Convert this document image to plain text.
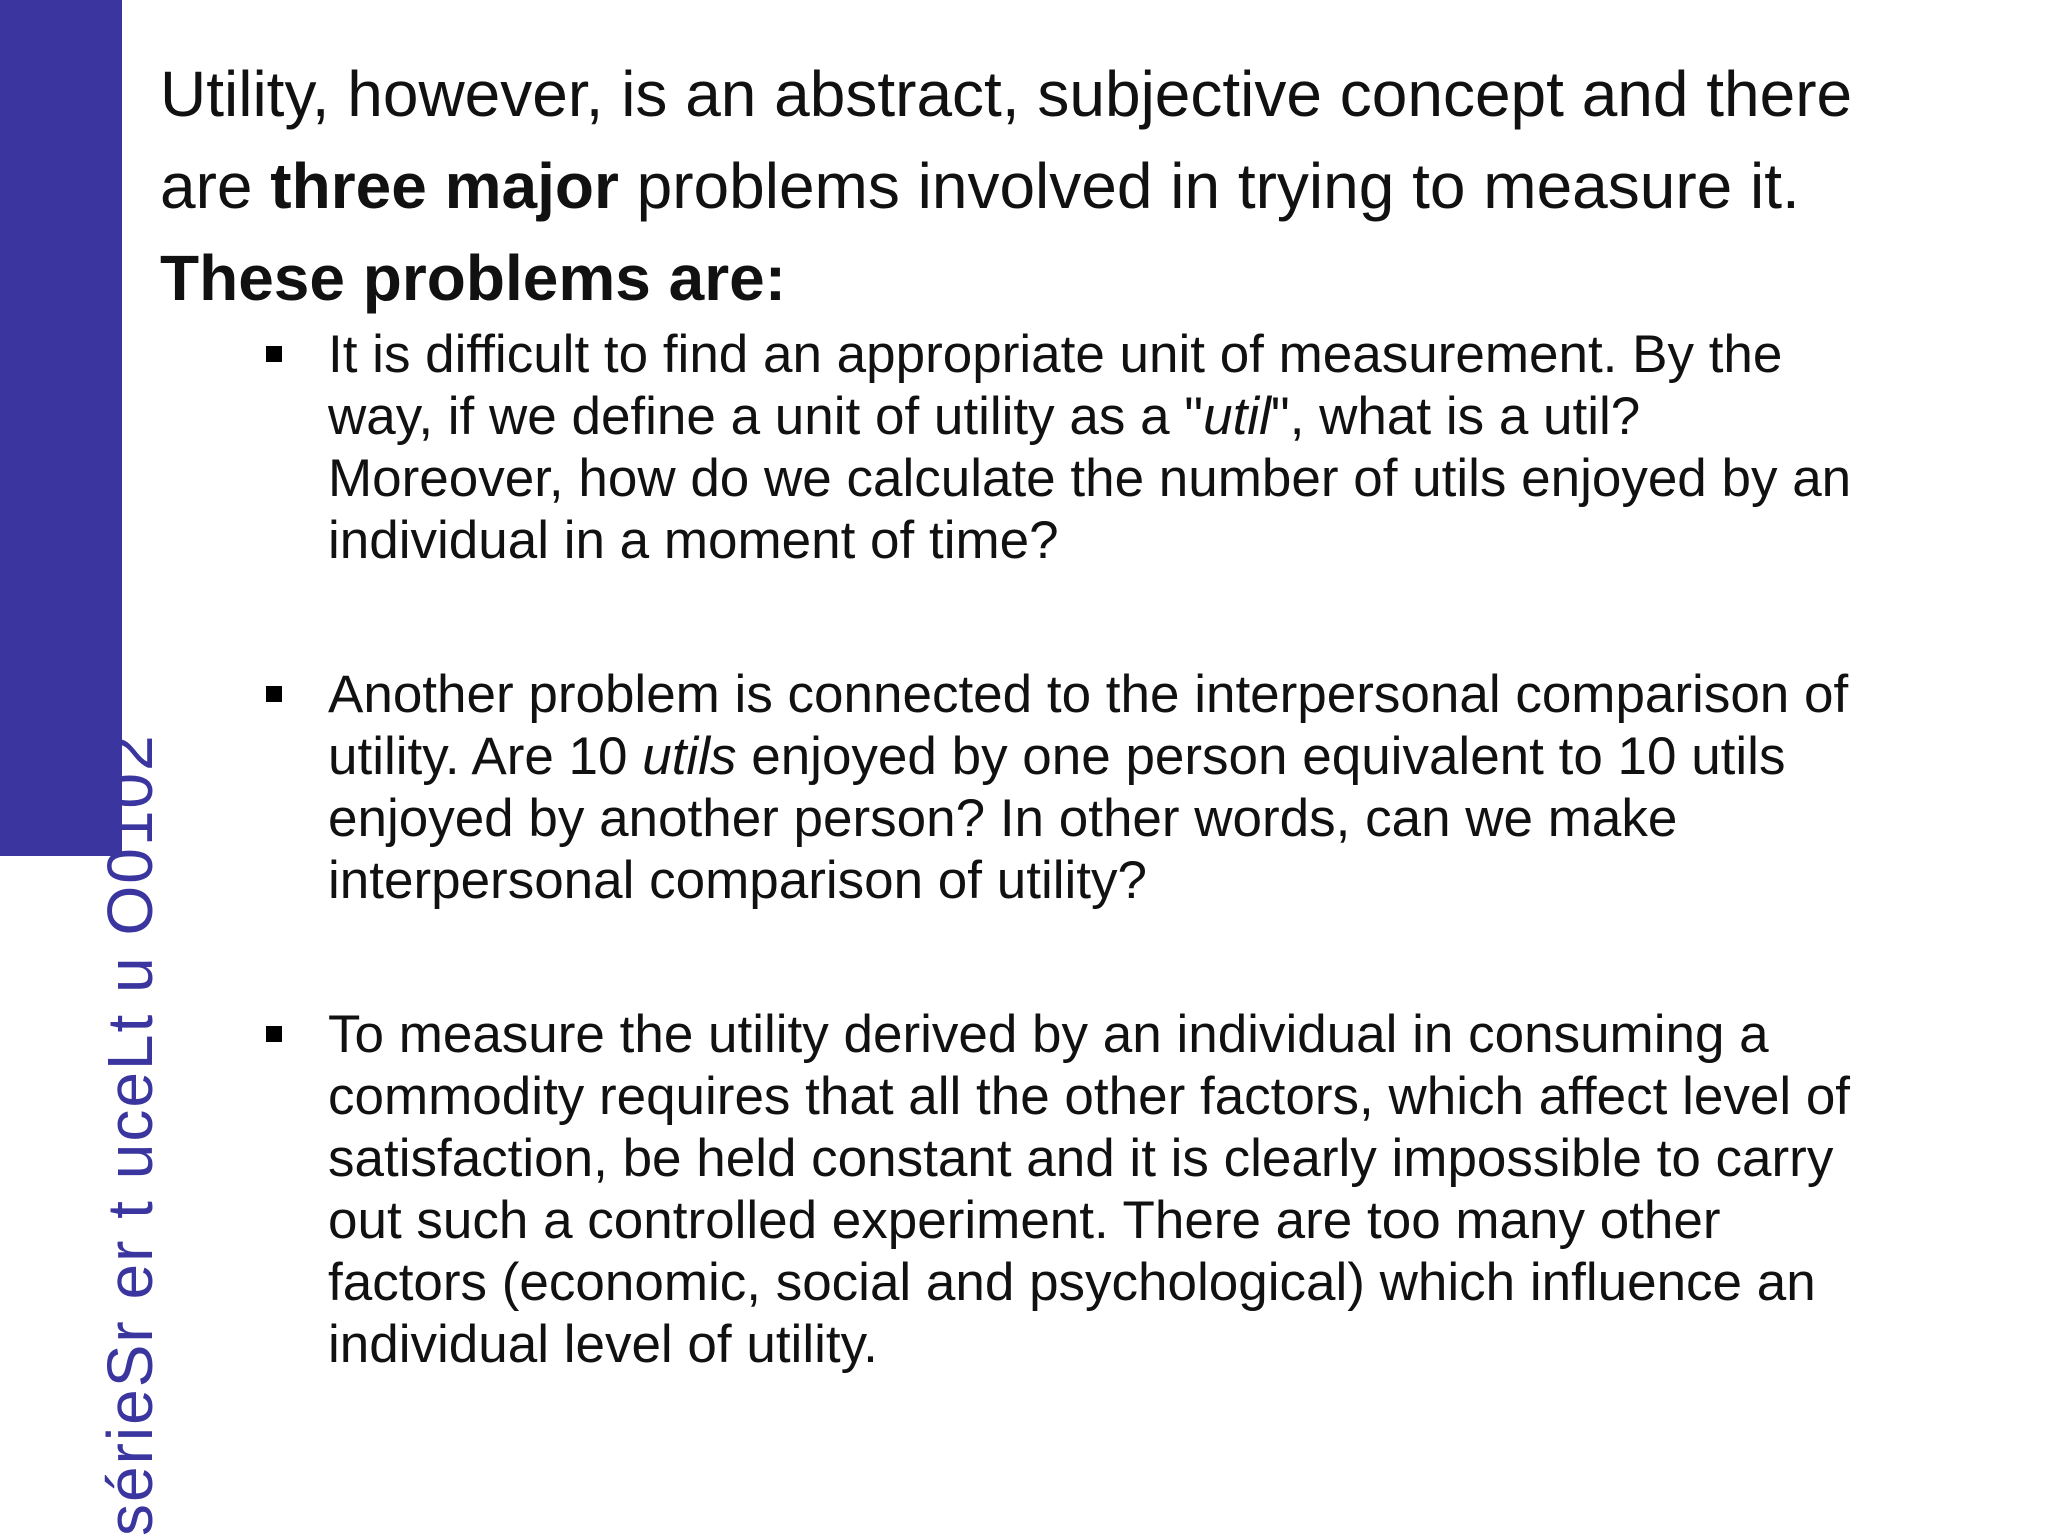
sérieSr er t uceLt u O0102

Utility, however, is an abstract, subjective concept and there

are three major problems involved in trying to measure it.

These problems are:

It is difficult to find an appropriate unit of measurement. By the
way, if we define a unit of utility as a "util", what is a util?
Moreover, how do we calculate the number of utils enjoyed by an
individual in a moment of time?
Another problem is connected to the interpersonal comparison of
utility. Are 10 utils enjoyed by one person equivalent to 10 utils
enjoyed by another person? In other words, can we make
interpersonal comparison of utility?
To measure the utility derived by an individual in consuming a
commodity requires that all the other factors, which affect level of
satisfaction, be held constant and it is clearly impossible to carry
out such a controlled experiment. There are too many other
factors (economic, social and psychological) which influence an
individual level of utility.
